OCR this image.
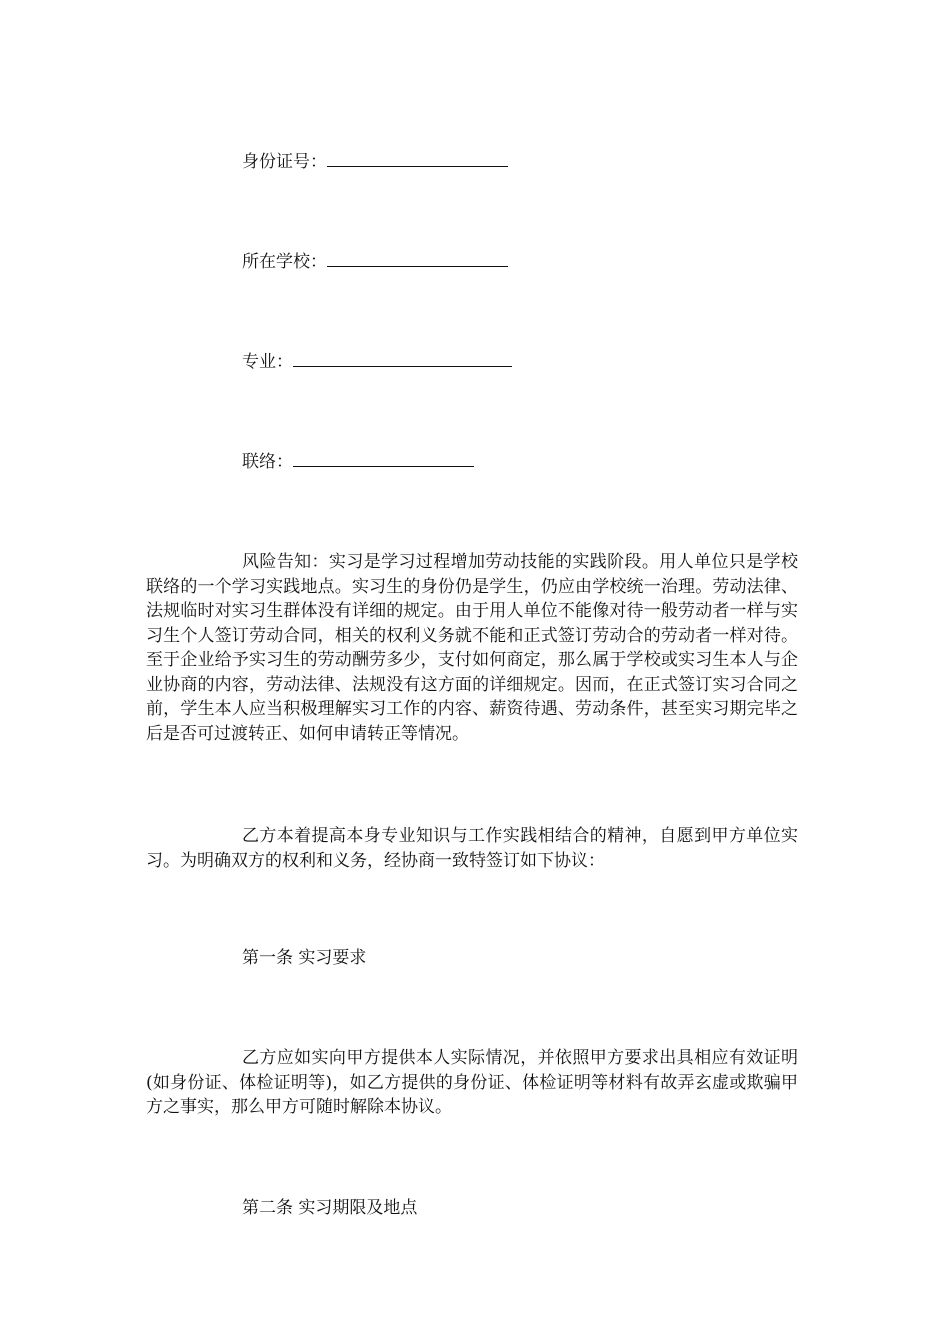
身份证号：
所在学校：
专业：
联络：

风险告知：实习是学习过程增加劳动技能的实践阶段。用人单位只是学校联络的一个学习实践地点。实习生的身份仍是学生，仍应由学校统一治理。劳动法律、法规临时对实习生群体没有详细的规定。由于用人单位不能像对待一般劳动者一样与实习生个人签订劳动合同，相关的权利义务就不能和正式签订劳动合的劳动者一样对待。至于企业给予实习生的劳动酬劳多少，支付如何商定，那么属于学校或实习生本人与企业协商的内容，劳动法律、法规没有这方面的详细规定。因而，在正式签订实习合同之前，学生本人应当积极理解实习工作的内容、薪资待遇、劳动条件，甚至实习期完毕之后是否可过渡转正、如何申请转正等情况。

乙方本着提高本身专业知识与工作实践相结合的精神，自愿到甲方单位实习。为明确双方的权利和义务，经协商一致特签订如下协议：

第一条 实习要求

乙方应如实向甲方提供本人实际情况，并依照甲方要求出具相应有效证明(如身份证、体检证明等)，如乙方提供的身份证、体检证明等材料有故弄玄虚或欺骗甲方之事实，那么甲方可随时解除本协议。

第二条 实习期限及地点
